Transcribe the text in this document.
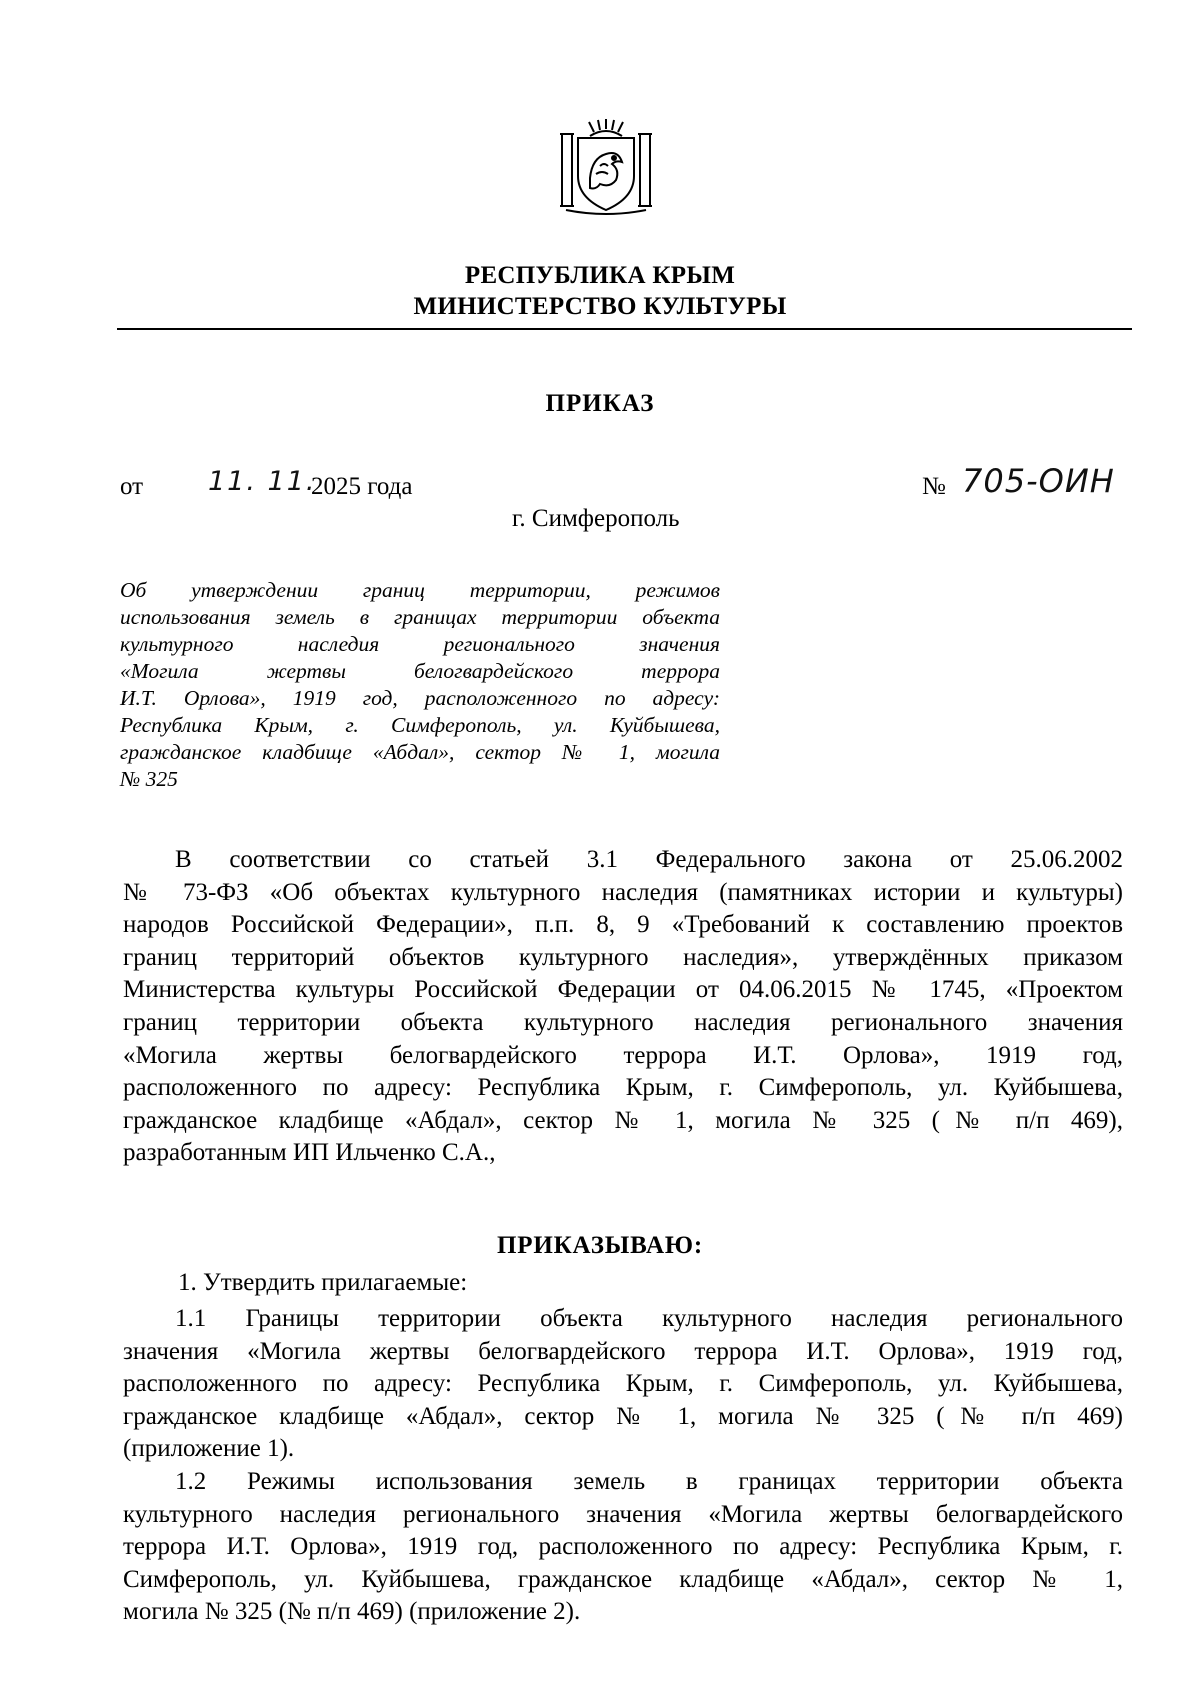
РЕСПУБЛИКА КРЫМ
МИНИСТЕРСТВО КУЛЬТУРЫ
ПРИКАЗ
от 11. 11.
2025 года	№ 705-ОИН
г. Симферополь
Об утверждении границ территории, режимов
использования земель в границах территории объекта
культурного наследия регионального значения
«Могила жертвы белогвардейского террора
И.Т. Орлова», 1919 год, расположенного по адресу:
Республика Крым, г. Симферополь, ул. Куйбышева,
гражданское кладбище «Абдал», сектор № 1, могила
№ 325
В соответствии со статьей 3.1 Федерального закона от 25.06.2002
№ 73-ФЗ «Об объектах культурного наследия (памятниках истории и культуры)
народов Российской Федерации», п.п. 8, 9 «Требований к составлению проектов
границ территорий объектов культурного наследия», утверждённых приказом
Министерства культуры Российской Федерации от 04.06.2015 № 1745, «Проектом
границ территории объекта культурного наследия регионального значения
«Могила жертвы белогвардейского террора И.Т. Орлова», 1919 год,
расположенного по адресу: Республика Крым, г. Симферополь, ул. Куйбышева,
гражданское кладбище «Абдал», сектор № 1, могила № 325 (№ п/п 469),
разработанным ИП Ильченко С.А.,
ПРИКАЗЫВАЮ:
1. Утвердить прилагаемые:
1.1 Границы территории объекта культурного наследия регионального
значения «Могила жертвы белогвардейского террора И.Т. Орлова», 1919 год,
расположенного по адресу: Республика Крым, г. Симферополь, ул. Куйбышева,
гражданское кладбище «Абдал», сектор № 1, могила № 325 (№ п/п 469)
(приложение 1).
1.2 Режимы использования земель в границах территории объекта
культурного наследия регионального значения «Могила жертвы белогвардейского
террора И.Т. Орлова», 1919 год, расположенного по адресу: Республика Крым, г.
Симферополь, ул. Куйбышева, гражданское кладбище «Абдал», сектор № 1,
могила № 325 (№ п/п 469) (приложение 2).
